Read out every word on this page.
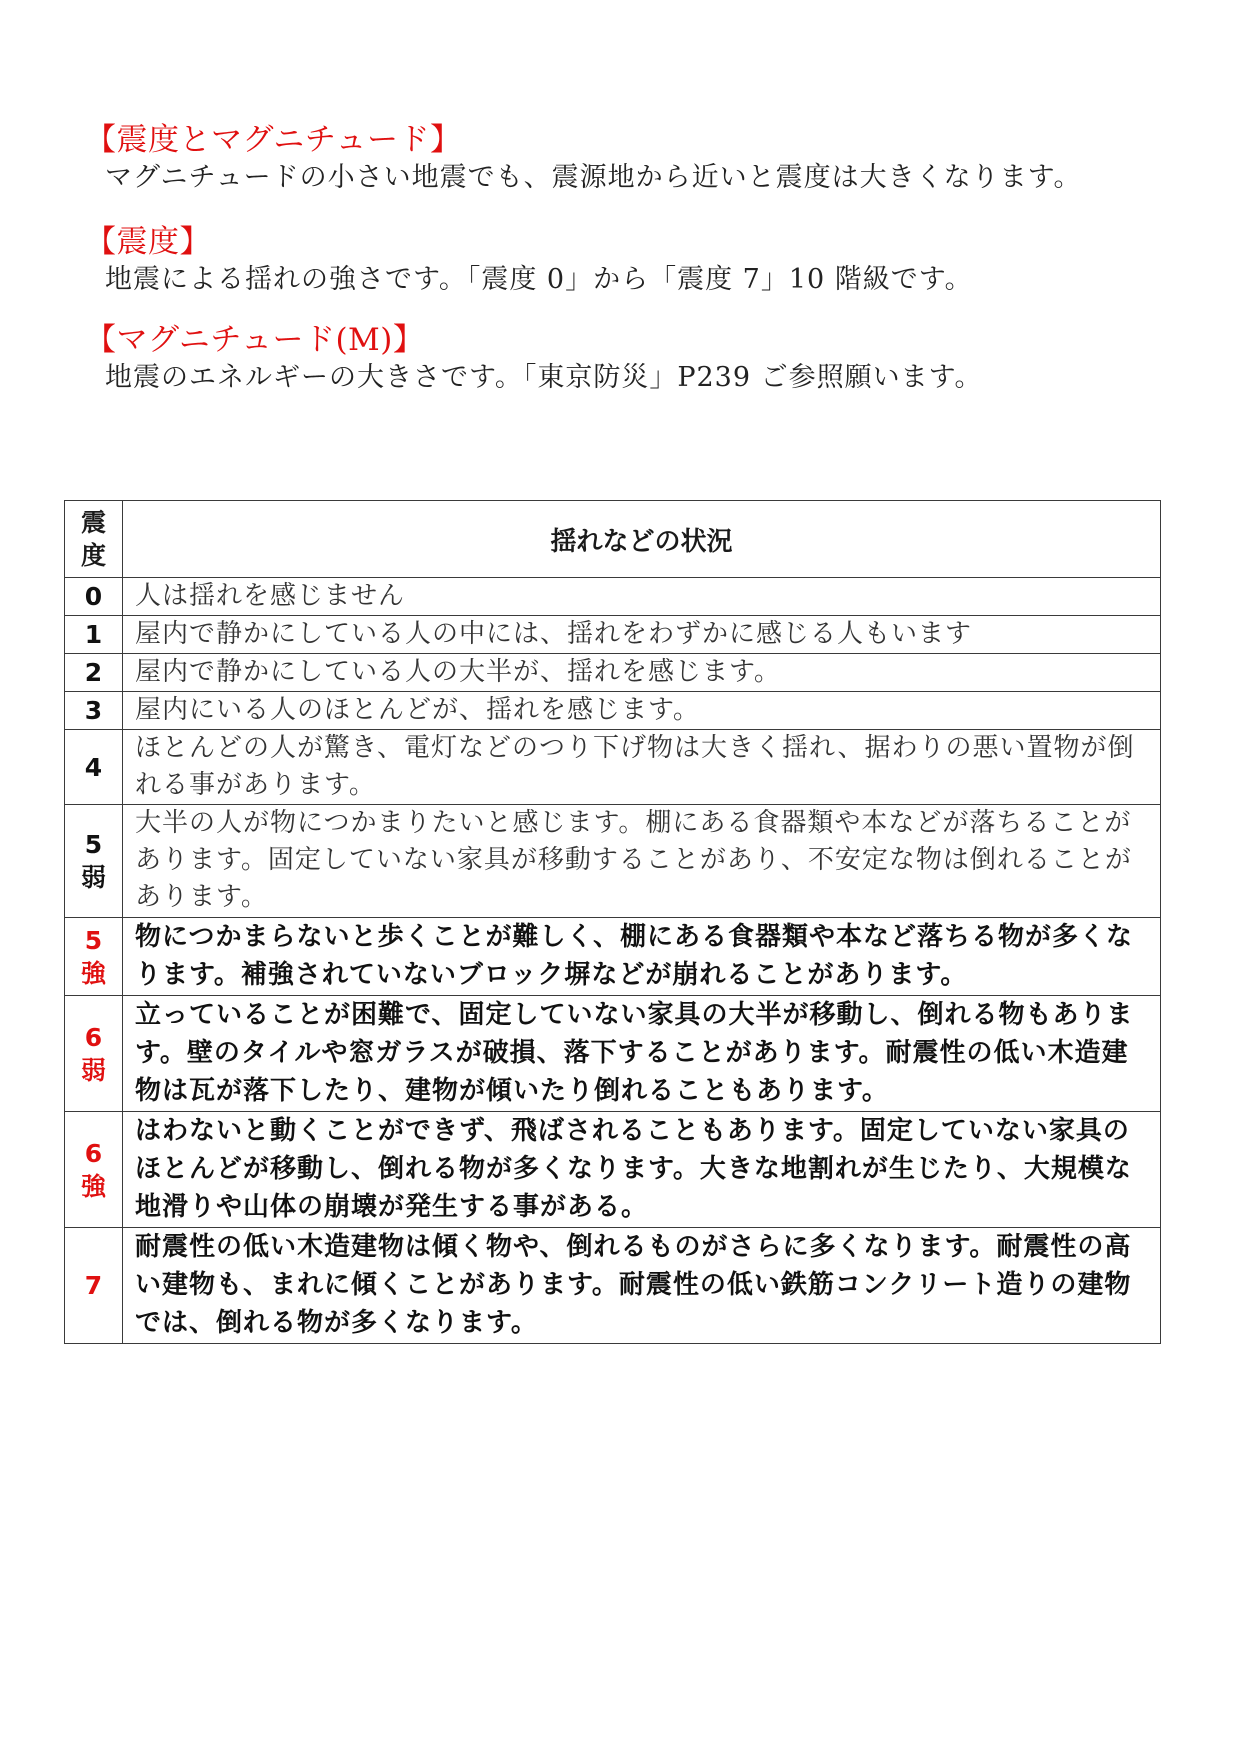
【震度とマグニチュード】

マグニチュードの小さい地震でも、震源地から近いと震度は大きくなります。

【震度】

地震による揺れの強さです。「震度 0」から「震度 7」10 階級です。

【マグニチュード(M)】

地震のエネルギーの大きさです。「東京防災」P239 ご参照願います。

震
度	揺れなどの状況
0	人は揺れを感じません
1	屋内で静かにしている人の中には、揺れをわずかに感じる人もいます
2	屋内で静かにしている人の大半が、揺れを感じます。
3	屋内にいる人のほとんどが、揺れを感じます。
4	ほとんどの人が驚き、電灯などのつり下げ物は大きく揺れ、据わりの悪い置物が倒れる事があります。

5
弱	大半の人が物につかまりたいと感じます。棚にある食器類や本などが落ちることがあります。固定していない家具が移動することがあり、不安定な物は倒れることがあります。

5
強	物につかまらないと歩くことが難しく、棚にある食器類や本など落ちる物が多くなります。補強されていないブロック塀などが崩れることがあります。

6
弱	立っていることが困難で、固定していない家具の大半が移動し、倒れる物もあります。壁のタイルや窓ガラスが破損、落下することがあります。耐震性の低い木造建物は瓦が落下したり、建物が傾いたり倒れることもあります。

6
強	はわないと動くことができず、飛ばされることもあります。固定していない家具のほとんどが移動し、倒れる物が多くなります。大きな地割れが生じたり、大規模な地滑りや山体の崩壊が発生する事がある。
7	耐震性の低い木造建物は傾く物や、倒れるものがさらに多くなります。耐震性の高い建物も、まれに傾くことがあります。耐震性の低い鉄筋コンクリート造りの建物では、倒れる物が多くなります。
